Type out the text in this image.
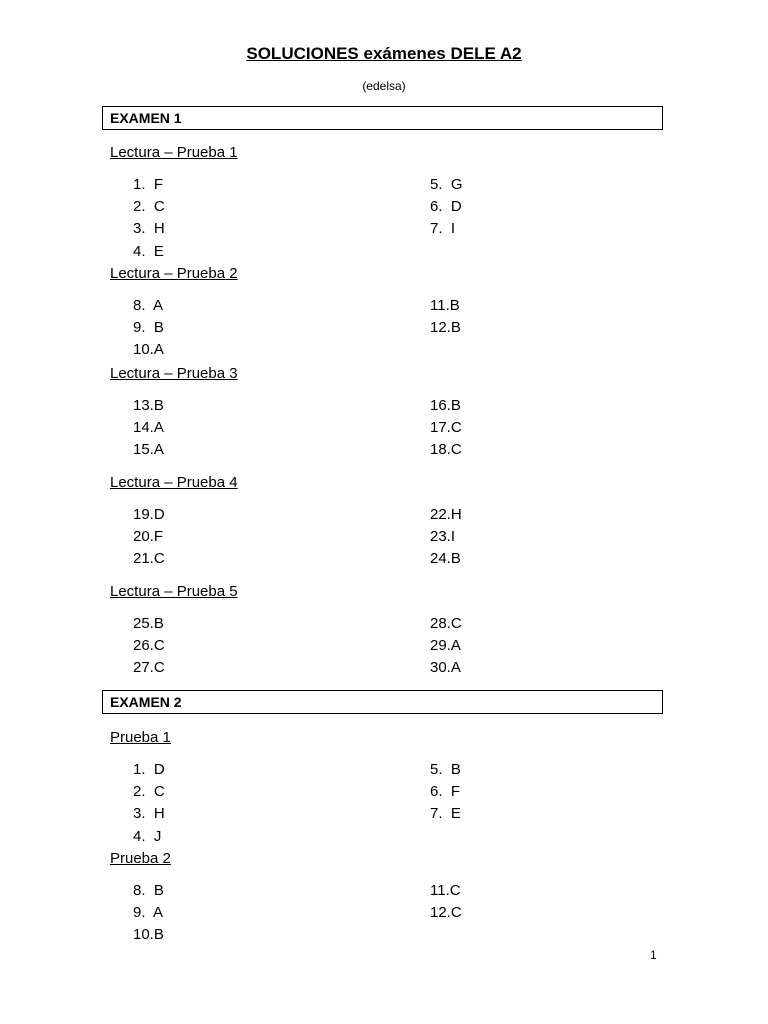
SOLUCIONES exámenes DELE A2
(edelsa)
EXAMEN 1
Lectura – Prueba 1
1.  F
2.  C
3.  H
4.  E
5.  G
6.  D
7.  I
Lectura – Prueba 2
8.  A
9.  B
10.A
11.B
12.B
Lectura – Prueba 3
13.B
14.A
15.A
16.B
17.C
18.C
Lectura – Prueba 4
19.D
20.F
21.C
22.H
23.I
24.B
Lectura – Prueba 5
25.B
26.C
27.C
28.C
29.A
30.A
EXAMEN 2
Prueba 1
1.  D
2.  C
3.  H
4.  J
5.  B
6.  F
7.  E
Prueba 2
8.  B
9.  A
10.B
11.C
12.C
1
